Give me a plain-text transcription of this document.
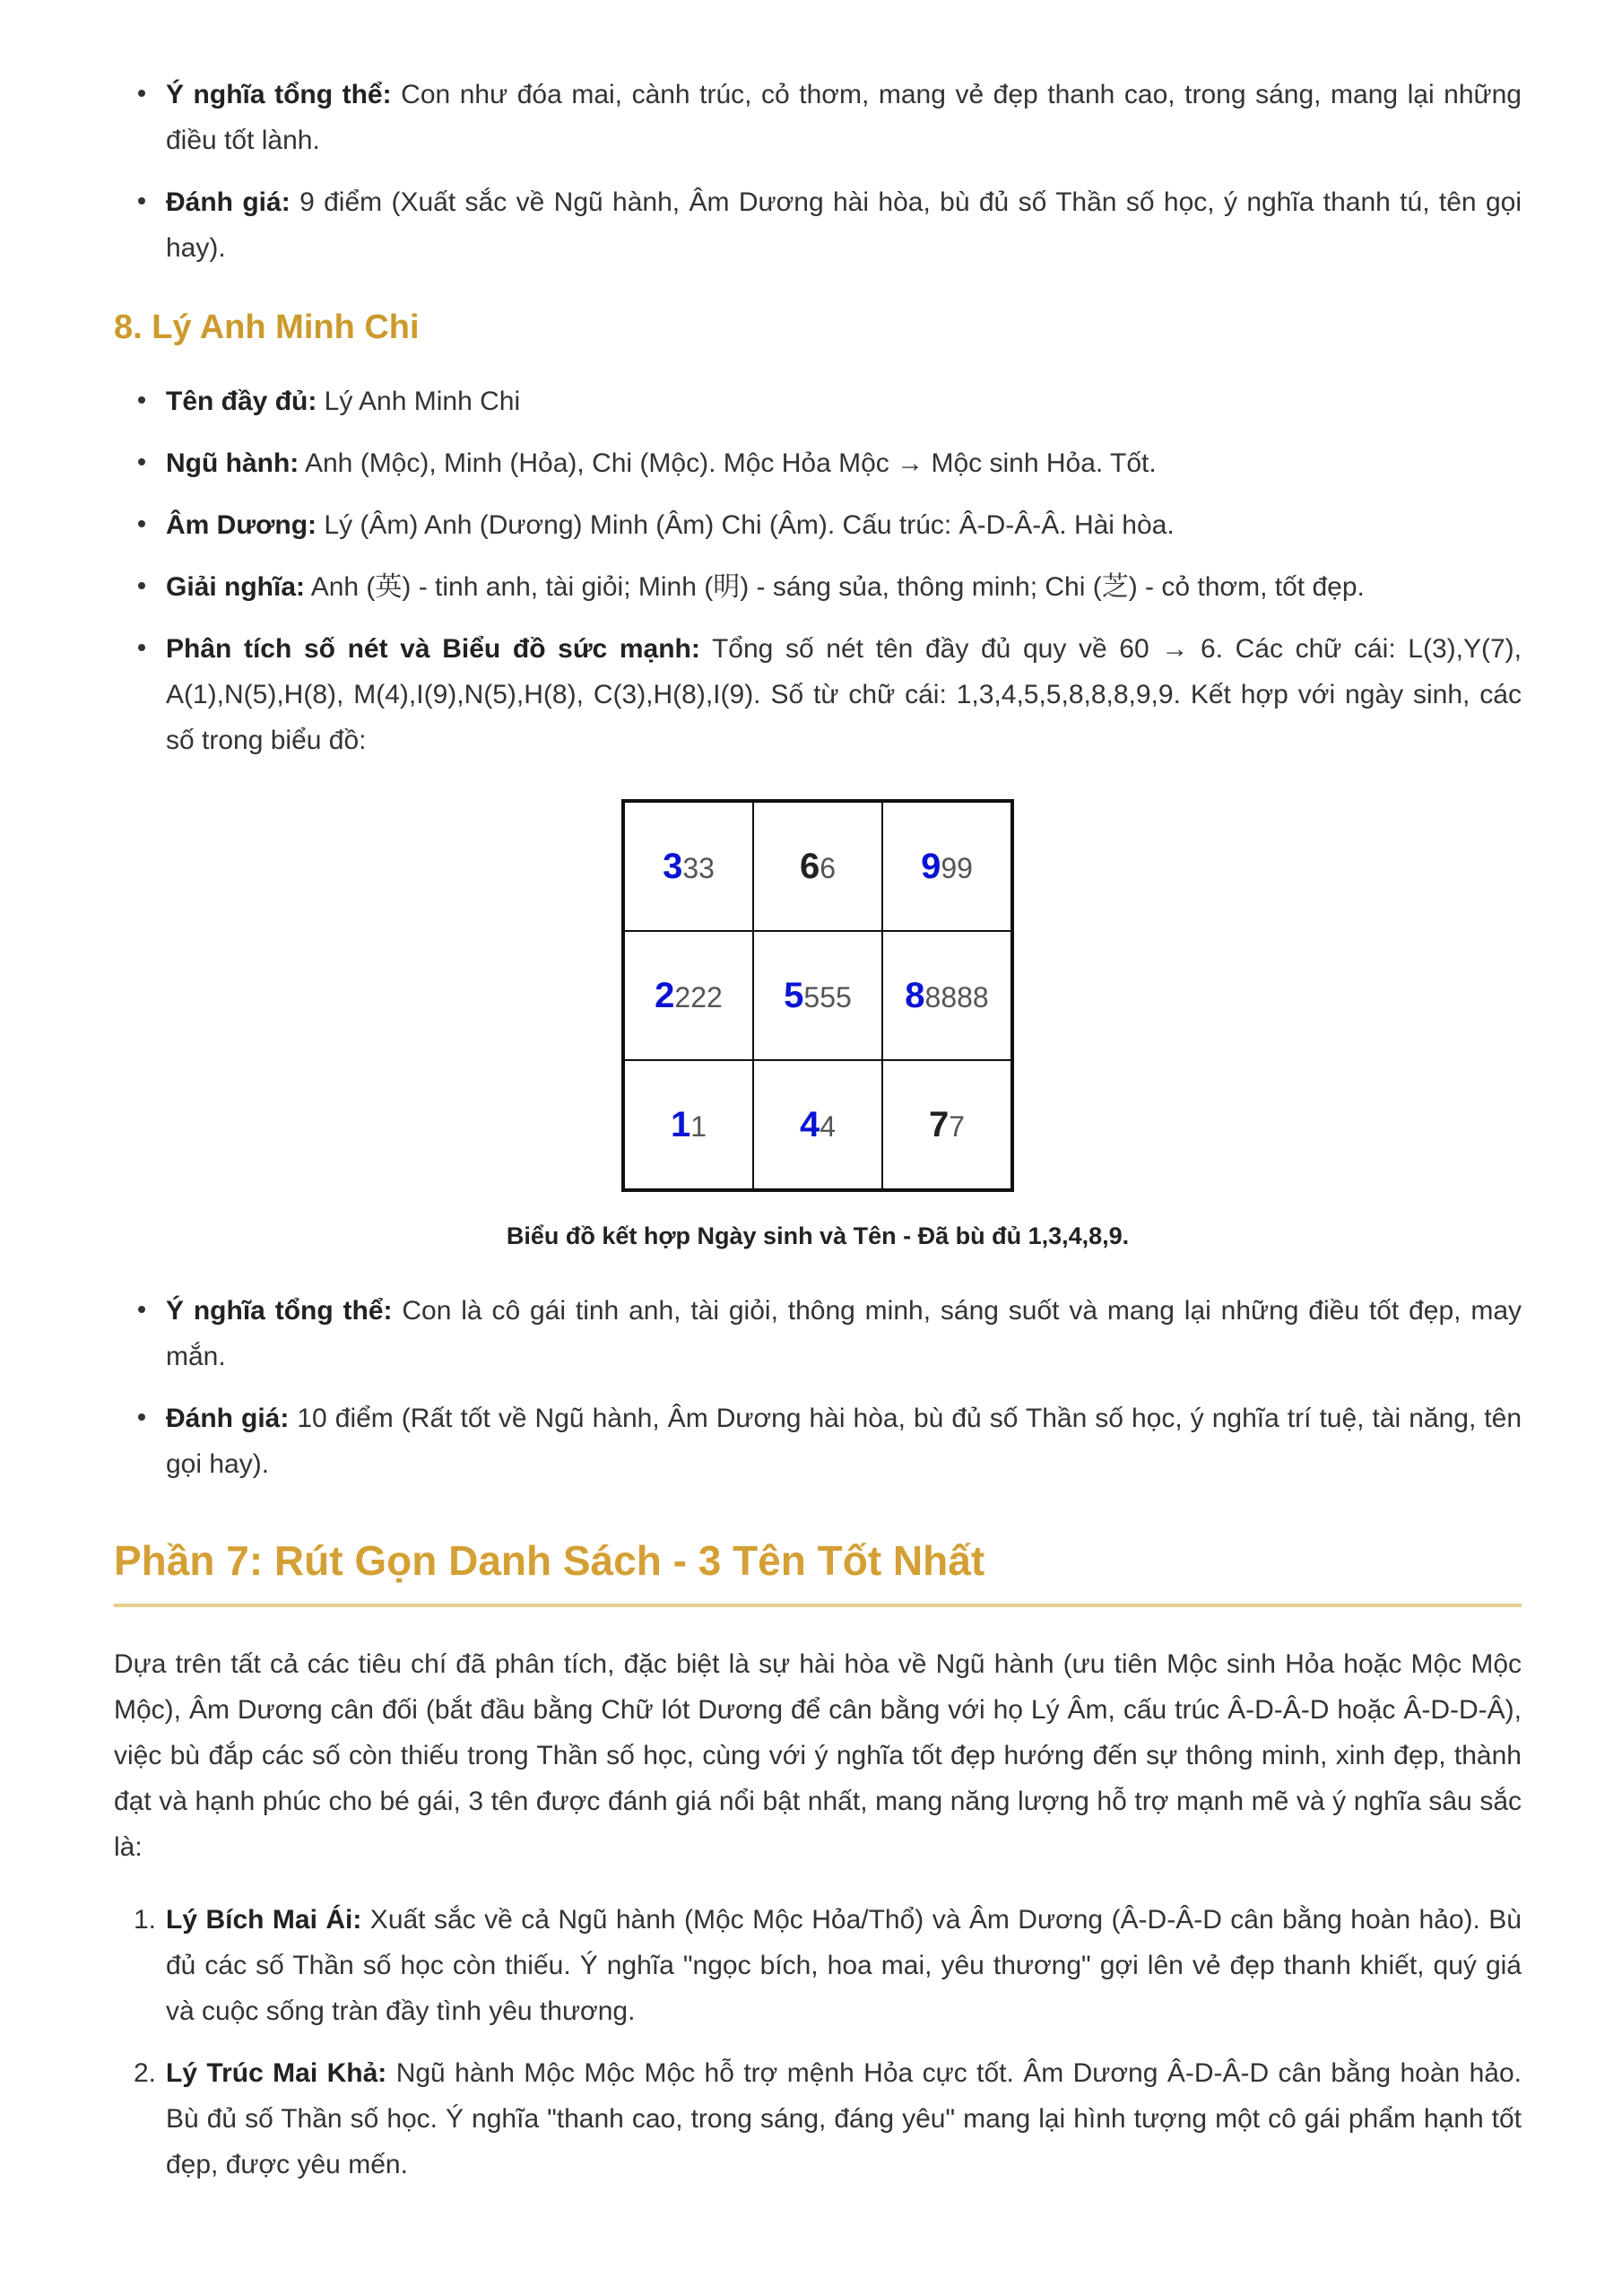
Ý nghĩa tổng thể: Con như đóa mai, cành trúc, cỏ thơm, mang vẻ đẹp thanh cao, trong sáng, mang lại những điều tốt lành.
Đánh giá: 9 điểm (Xuất sắc về Ngũ hành, Âm Dương hài hòa, bù đủ số Thần số học, ý nghĩa thanh tú, tên gọi hay).
8. Lý Anh Minh Chi
Tên đầy đủ: Lý Anh Minh Chi
Ngũ hành: Anh (Mộc), Minh (Hỏa), Chi (Mộc). Mộc Hỏa Mộc → Mộc sinh Hỏa. Tốt.
Âm Dương: Lý (Âm) Anh (Dương) Minh (Âm) Chi (Âm). Cấu trúc: Â-D-Â-Â. Hài hòa.
Giải nghĩa: Anh (英) - tinh anh, tài giỏi; Minh (明) - sáng sủa, thông minh; Chi (芝) - cỏ thơm, tốt đẹp.
Phân tích số nét và Biểu đồ sức mạnh: Tổng số nét tên đầy đủ quy về 60 → 6. Các chữ cái: L(3),Y(7), A(1),N(5),H(8), M(4),I(9),N(5),H(8), C(3),H(8),I(9). Số từ chữ cái: 1,3,4,5,5,8,8,8,9,9. Kết hợp với ngày sinh, các số trong biểu đồ:
333	66	999
2222	5555	88888
11	44	77
Biểu đồ kết hợp Ngày sinh và Tên - Đã bù đủ 1,3,4,8,9.
Ý nghĩa tổng thể: Con là cô gái tinh anh, tài giỏi, thông minh, sáng suốt và mang lại những điều tốt đẹp, may mắn.
Đánh giá: 10 điểm (Rất tốt về Ngũ hành, Âm Dương hài hòa, bù đủ số Thần số học, ý nghĩa trí tuệ, tài năng, tên gọi hay).
Phần 7: Rút Gọn Danh Sách - 3 Tên Tốt Nhất

Dựa trên tất cả các tiêu chí đã phân tích, đặc biệt là sự hài hòa về Ngũ hành (ưu tiên Mộc sinh Hỏa hoặc Mộc Mộc Mộc), Âm Dương cân đối (bắt đầu bằng Chữ lót Dương để cân bằng với họ Lý Âm, cấu trúc Â-D-Â-D hoặc Â-D-D-Â), việc bù đắp các số còn thiếu trong Thần số học, cùng với ý nghĩa tốt đẹp hướng đến sự thông minh, xinh đẹp, thành đạt và hạnh phúc cho bé gái, 3 tên được đánh giá nổi bật nhất, mang năng lượng hỗ trợ mạnh mẽ và ý nghĩa sâu sắc là:

1. Lý Bích Mai Ái: Xuất sắc về cả Ngũ hành (Mộc Mộc Hỏa/Thổ) và Âm Dương (Â-D-Â-D cân bằng hoàn hảo). Bù đủ các số Thần số học còn thiếu. Ý nghĩa "ngọc bích, hoa mai, yêu thương" gợi lên vẻ đẹp thanh khiết, quý giá và cuộc sống tràn đầy tình yêu thương.
2. Lý Trúc Mai Khả: Ngũ hành Mộc Mộc Mộc hỗ trợ mệnh Hỏa cực tốt. Âm Dương Â-D-Â-D cân bằng hoàn hảo. Bù đủ số Thần số học. Ý nghĩa "thanh cao, trong sáng, đáng yêu" mang lại hình tượng một cô gái phẩm hạnh tốt đẹp, được yêu mến.
